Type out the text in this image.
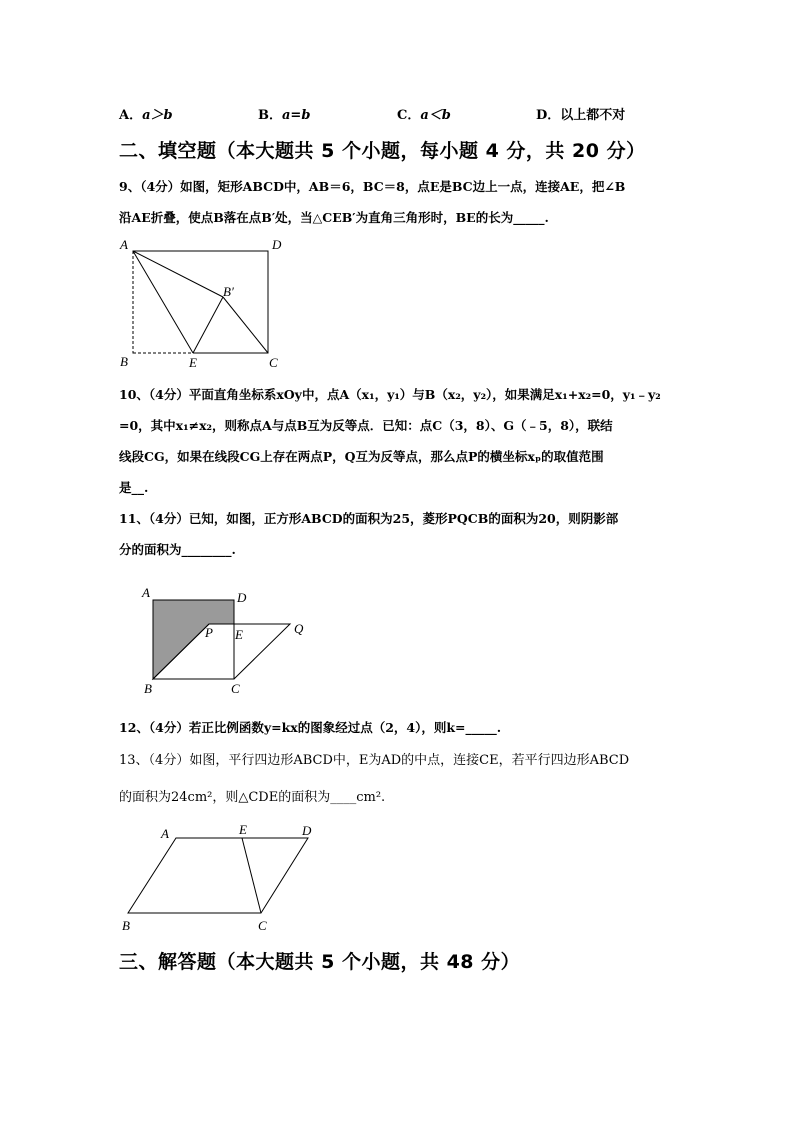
A．a＞b	B．a=b	C．a＜b	D．以上都不对
二、填空题（本大题共 5 个小题，每小题 4 分，共 20 分）
9、（4分）如图，矩形ABCD中，AB＝6，BC＝8，点E是BC边上一点，连接AE，把∠B
沿AE折叠，使点B落在点B′处，当△CEB′为直角三角形时，BE的长为_____.
A	D
B′
B	E	C
10、（4分）平面直角坐标系xOy中，点A（x₁，y₁）与B（x₂，y₂），如果满足x₁+x₂=0，y₁﹣y₂
=0，其中x₁≠x₂，则称点A与点B互为反等点．已知：点C（3，8）、G（﹣5，8），联结
线段CG，如果在线段CG上存在两点P，Q互为反等点，那么点P的横坐标xₚ的取值范围
是__.
11、（4分）已知，如图，正方形ABCD的面积为25，菱形PQCB的面积为20，则阴影部
分的面积为________.
A	D
P E	Q
B	C
12、（4分）若正比例函数y=kx的图象经过点（2，4），则k=_____.
13、（4分）如图，平行四边形ABCD中，E为AD的中点，连接CE，若平行四边形ABCD
的面积为24cm²，则△CDE的面积为____cm².
A	E	D
B	C
三、解答题（本大题共 5 个小题，共 48 分）
